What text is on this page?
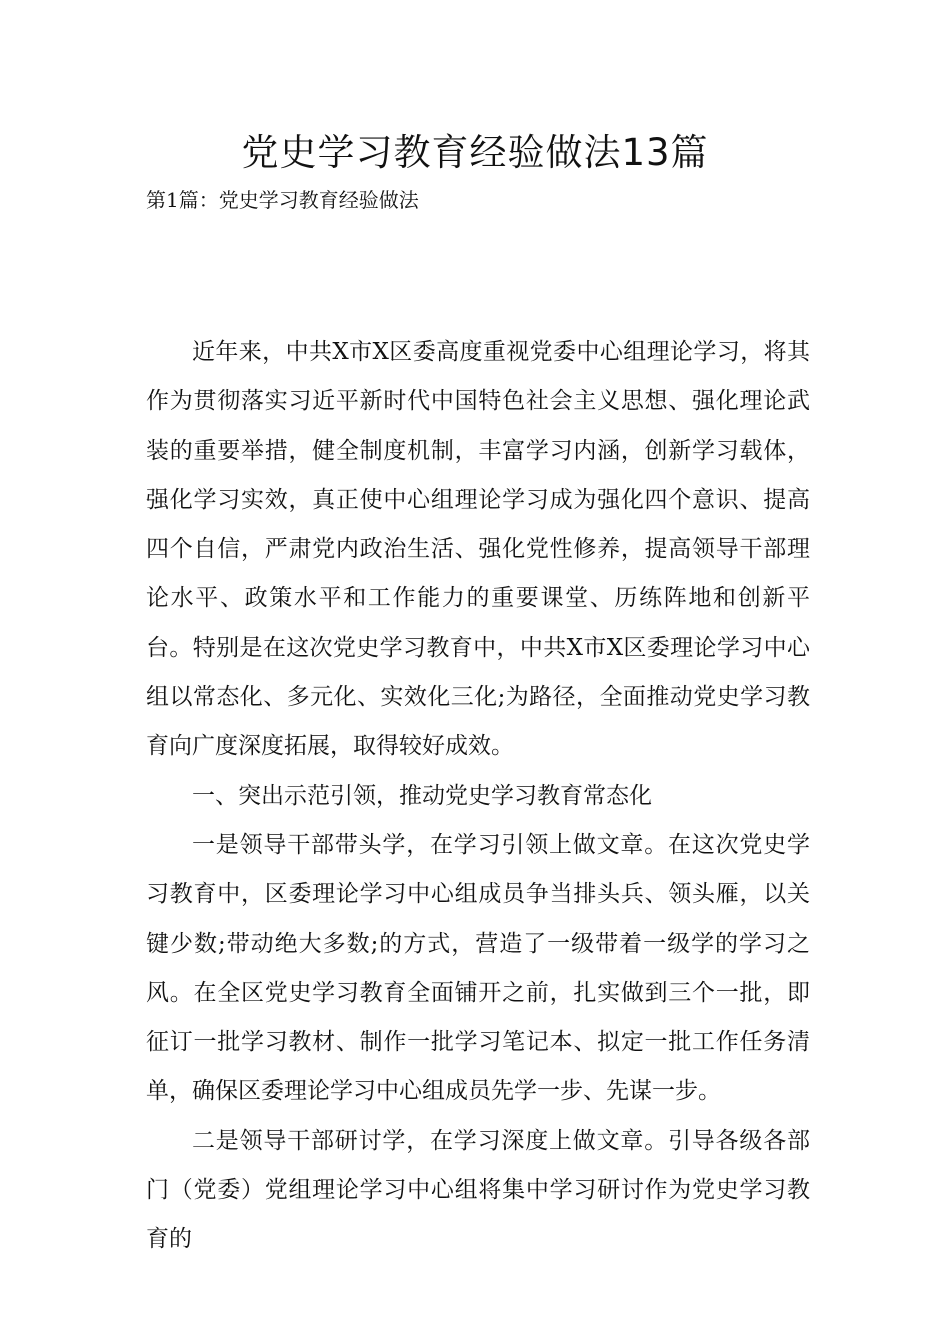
党史学习教育经验做法13篇
第1篇：党史学习教育经验做法

近年来，中共X市X区委高度重视党委中心组理论学习，将其作为贯彻落实习近平新时代中国特色社会主义思想、强化理论武装的重要举措，健全制度机制，丰富学习内涵，创新学习载体，强化学习实效，真正使中心组理论学习成为强化四个意识、提高四个自信，严肃党内政治生活、强化党性修养，提高领导干部理论水平、政策水平和工作能力的重要课堂、历练阵地和创新平台。特别是在这次党史学习教育中，中共X市X区委理论学习中心组以常态化、多元化、实效化三化;为路径，全面推动党史学习教育向广度深度拓展，取得较好成效。

一、突出示范引领，推动党史学习教育常态化

一是领导干部带头学，在学习引领上做文章。在这次党史学习教育中，区委理论学习中心组成员争当排头兵、领头雁，以关键少数;带动绝大多数;的方式，营造了一级带着一级学的学习之风。在全区党史学习教育全面铺开之前，扎实做到三个一批，即征订一批学习教材、制作一批学习笔记本、拟定一批工作任务清单，确保区委理论学习中心组成员先学一步、先谋一步。

二是领导干部研讨学，在学习深度上做文章。引导各级各部门（党委）党组理论学习中心组将集中学习研讨作为党史学习教育的
